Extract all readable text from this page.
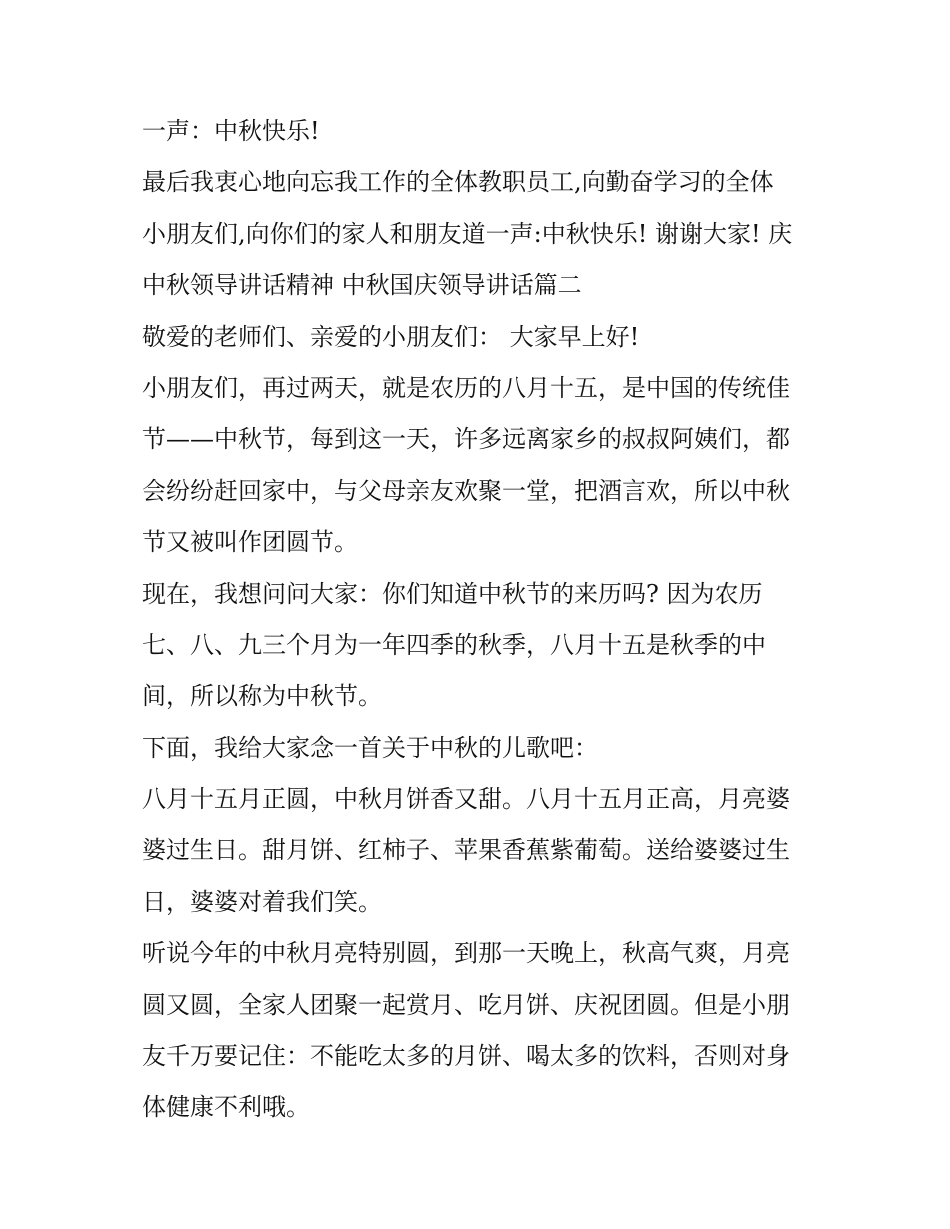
一声：中秋快乐!
最后我衷心地向忘我工作的全体教职员工,向勤奋学习的全体
小朋友们,向你们的家人和朋友道一声:中秋快乐! 谢谢大家! 庆
中秋领导讲话精神 中秋国庆领导讲话篇二
敬爱的老师们、亲爱的小朋友们： 大家早上好!
小朋友们，再过两天，就是农历的八月十五，是中国的传统佳
节——中秋节，每到这一天，许多远离家乡的叔叔阿姨们，都
会纷纷赶回家中，与父母亲友欢聚一堂，把酒言欢，所以中秋
节又被叫作团圆节。
现在，我想问问大家：你们知道中秋节的来历吗? 因为农历
七、八、九三个月为一年四季的秋季，八月十五是秋季的中
间，所以称为中秋节。
下面，我给大家念一首关于中秋的儿歌吧：
八月十五月正圆，中秋月饼香又甜。八月十五月正高，月亮婆
婆过生日。甜月饼、红柿子、苹果香蕉紫葡萄。送给婆婆过生
日，婆婆对着我们笑。
听说今年的中秋月亮特别圆，到那一天晚上，秋高气爽，月亮
圆又圆，全家人团聚一起赏月、吃月饼、庆祝团圆。但是小朋
友千万要记住：不能吃太多的月饼、喝太多的饮料，否则对身
体健康不利哦。
